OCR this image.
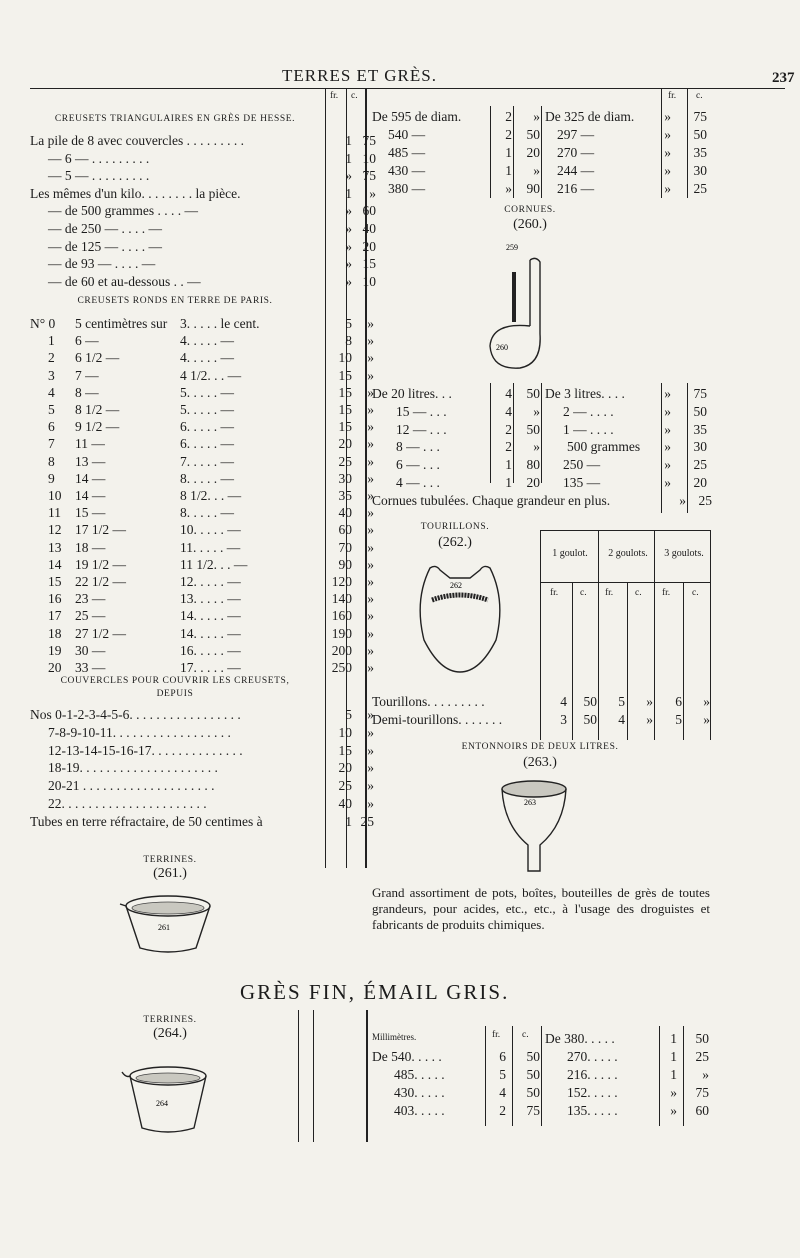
TERRES ET GRÈS.	237
fr. c.
CREUSETS TRIANGULAIRES EN GRÈS DE HESSE.
La pile de 8 avec couvercles . . . . . . . . .	1 75
— 6 — . . . . . . . . .	1 10
— 5 — . . . . . . . . .	» 75
Les mêmes d'un kilo. . . . . . . . la pièce.	1	»
— de 500 grammes . . . . —	» 60
— de 250 — . . . . —	» 40
— de 125 — . . . . —	» 20
— de 93 — . . . . —	» 15
— de 60 et au-dessous . . —	» 10
CREUSETS RONDS EN TERRE DE PARIS.
N° 0 5 centimètres sur 3. . . . . le cent.	5	»
1 6 —	4. . . . . —	8	»
2 6 1/2 —	4. . . . . —	10	»
3 7 —	4 1/2. . . —	15	»
4 8 —	5. . . . . —	15	»
5 8 1/2 —	5. . . . . —	15	»
6 9 1/2 —	6. . . . . —	15	»
7 11 —	6. . . . . —	20	»
8 13 —	7. . . . . —	25	»
9 14 —	8. . . . . —	30	»
10 14 —	8 1/2. . . —	35	»
11 15 —	8. . . . . —	40	»
12 17 1/2 —	10. . . . . —	60	»
13 18 —	11. . . . . —	70	»
14 19 1/2 —	11 1/2. . . —	90	»
15 22 1/2 —	12. . . . . —	120	»
16 23 —	13. . . . . —	140	»
17 25 —	14. . . . . —	160	»
18 27 1/2 —	14. . . . . —	190	»
19 30 —	16. . . . . —	200	»
20 33 —	17. . . . . —	250	»
COUVERCLES POUR COUVRIR LES CREUSETS,
DEPUIS
Nos 0-1-2-3-4-5-6. . . . . . . . . . . . . . . . .	5	»
7-8-9-10-11. . . . . . . . . . . . . . . . . .	10	»
12-13-14-15-16-17. . . . . . . . . . . . . .	15	»
18-19. . . . . . . . . . . . . . . . . . . . .	20	»
20-21 . . . . . . . . . . . . . . . . . . . .	25	»
22. . . . . . . . . . . . . . . . . . . . . .	40	»
Tubes en terre réfractaire, de 50 centimes à	1 25
TERRINES.
(261.)
261
TERRINES.
(264.)
264
fr. c.
De 595 de diam.	2	»
540 —	2	50
485 —	1	20
430 —	1	»
380 —	»	90
De 325 de diam.	»	75
297 —	»	50
270 —	»	35
244 —	»	30
216 —	»	25
CORNUES.
(260.)
259
260
De 20 litres. . .	4	50
15 — . . .	4	»
12 — . . .	2	50
8 — . . .	2	»
6 — . . .	1	80
4 — . . .	1	20
De 3 litres. . . .	»	75
2 — . . . .	»	50
1 — . . . .	»	35
500 grammes	»	30
250 —	»	25
135 —	»	20
Cornues tubulées. Chaque grandeur en plus.	» 25
TOURILLONS.
(262.)
262
1 goulot.	2 goulots.	3 goulots.
fr. c. fr. c. fr. c.
Tourillons. . . . . . . . .	4	50	5	»	6	»
Demi-tourillons. . . . . . .	3	50	4	»	5	»
ENTONNOIRS DE DEUX LITRES.
(263.)
263
Grand assortiment de pots, boîtes, bouteilles de grès de toutes grandeurs, pour acides, etc., etc., à l'usage des droguistes et fabricants de produits chimiques.
GRÈS FIN, ÉMAIL GRIS.
Millimètres.	fr. c.
De 540. . . . .	6	50
485. . . . .	5	50
430. . . . .	4	50
403. . . . .	2	75
De 380. . . . .	1	50
270. . . . .	1	25
216. . . . .	1	»
152. . . . .	»	75
135. . . . .	»	60
